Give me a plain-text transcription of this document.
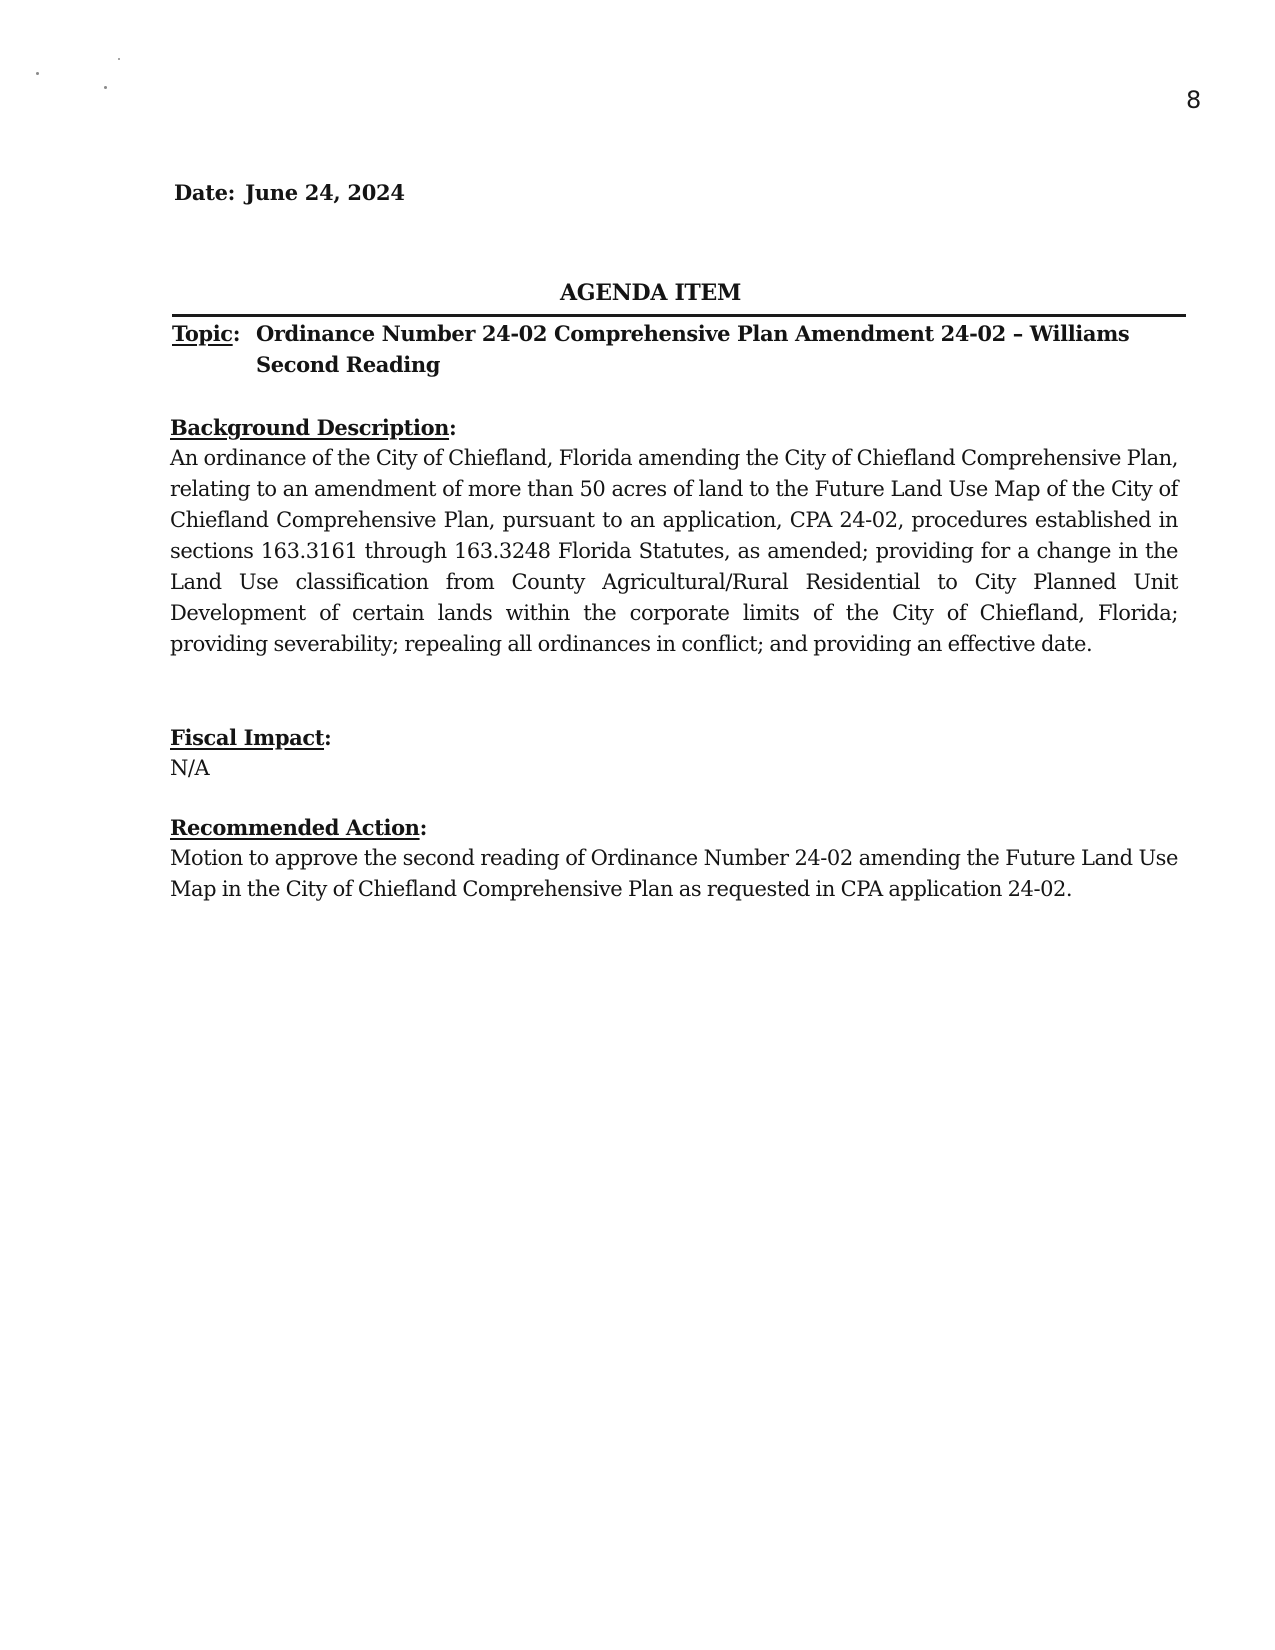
8
Date: June 24, 2024
AGENDA ITEM
Topic: Ordinance Number 24-02 Comprehensive Plan Amendment 24-02 – Williams
Second Reading
Background Description:
An ordinance of the City of Chiefland, Florida amending the City of Chiefland Comprehensive Plan, relating to an amendment of more than 50 acres of land to the Future Land Use Map of the City of Chiefland Comprehensive Plan, pursuant to an application, CPA 24-02, procedures established in sections 163.3161 through 163.3248 Florida Statutes, as amended; providing for a change in the Land Use classification from County Agricultural/Rural Residential to City Planned Unit Development of certain lands within the corporate limits of the City of Chiefland, Florida; providing severability; repealing all ordinances in conflict; and providing an effective date.
Fiscal Impact:
N/A
Recommended Action:
Motion to approve the second reading of Ordinance Number 24-02 amending the Future Land Use Map in the City of Chiefland Comprehensive Plan as requested in CPA application 24-02.
